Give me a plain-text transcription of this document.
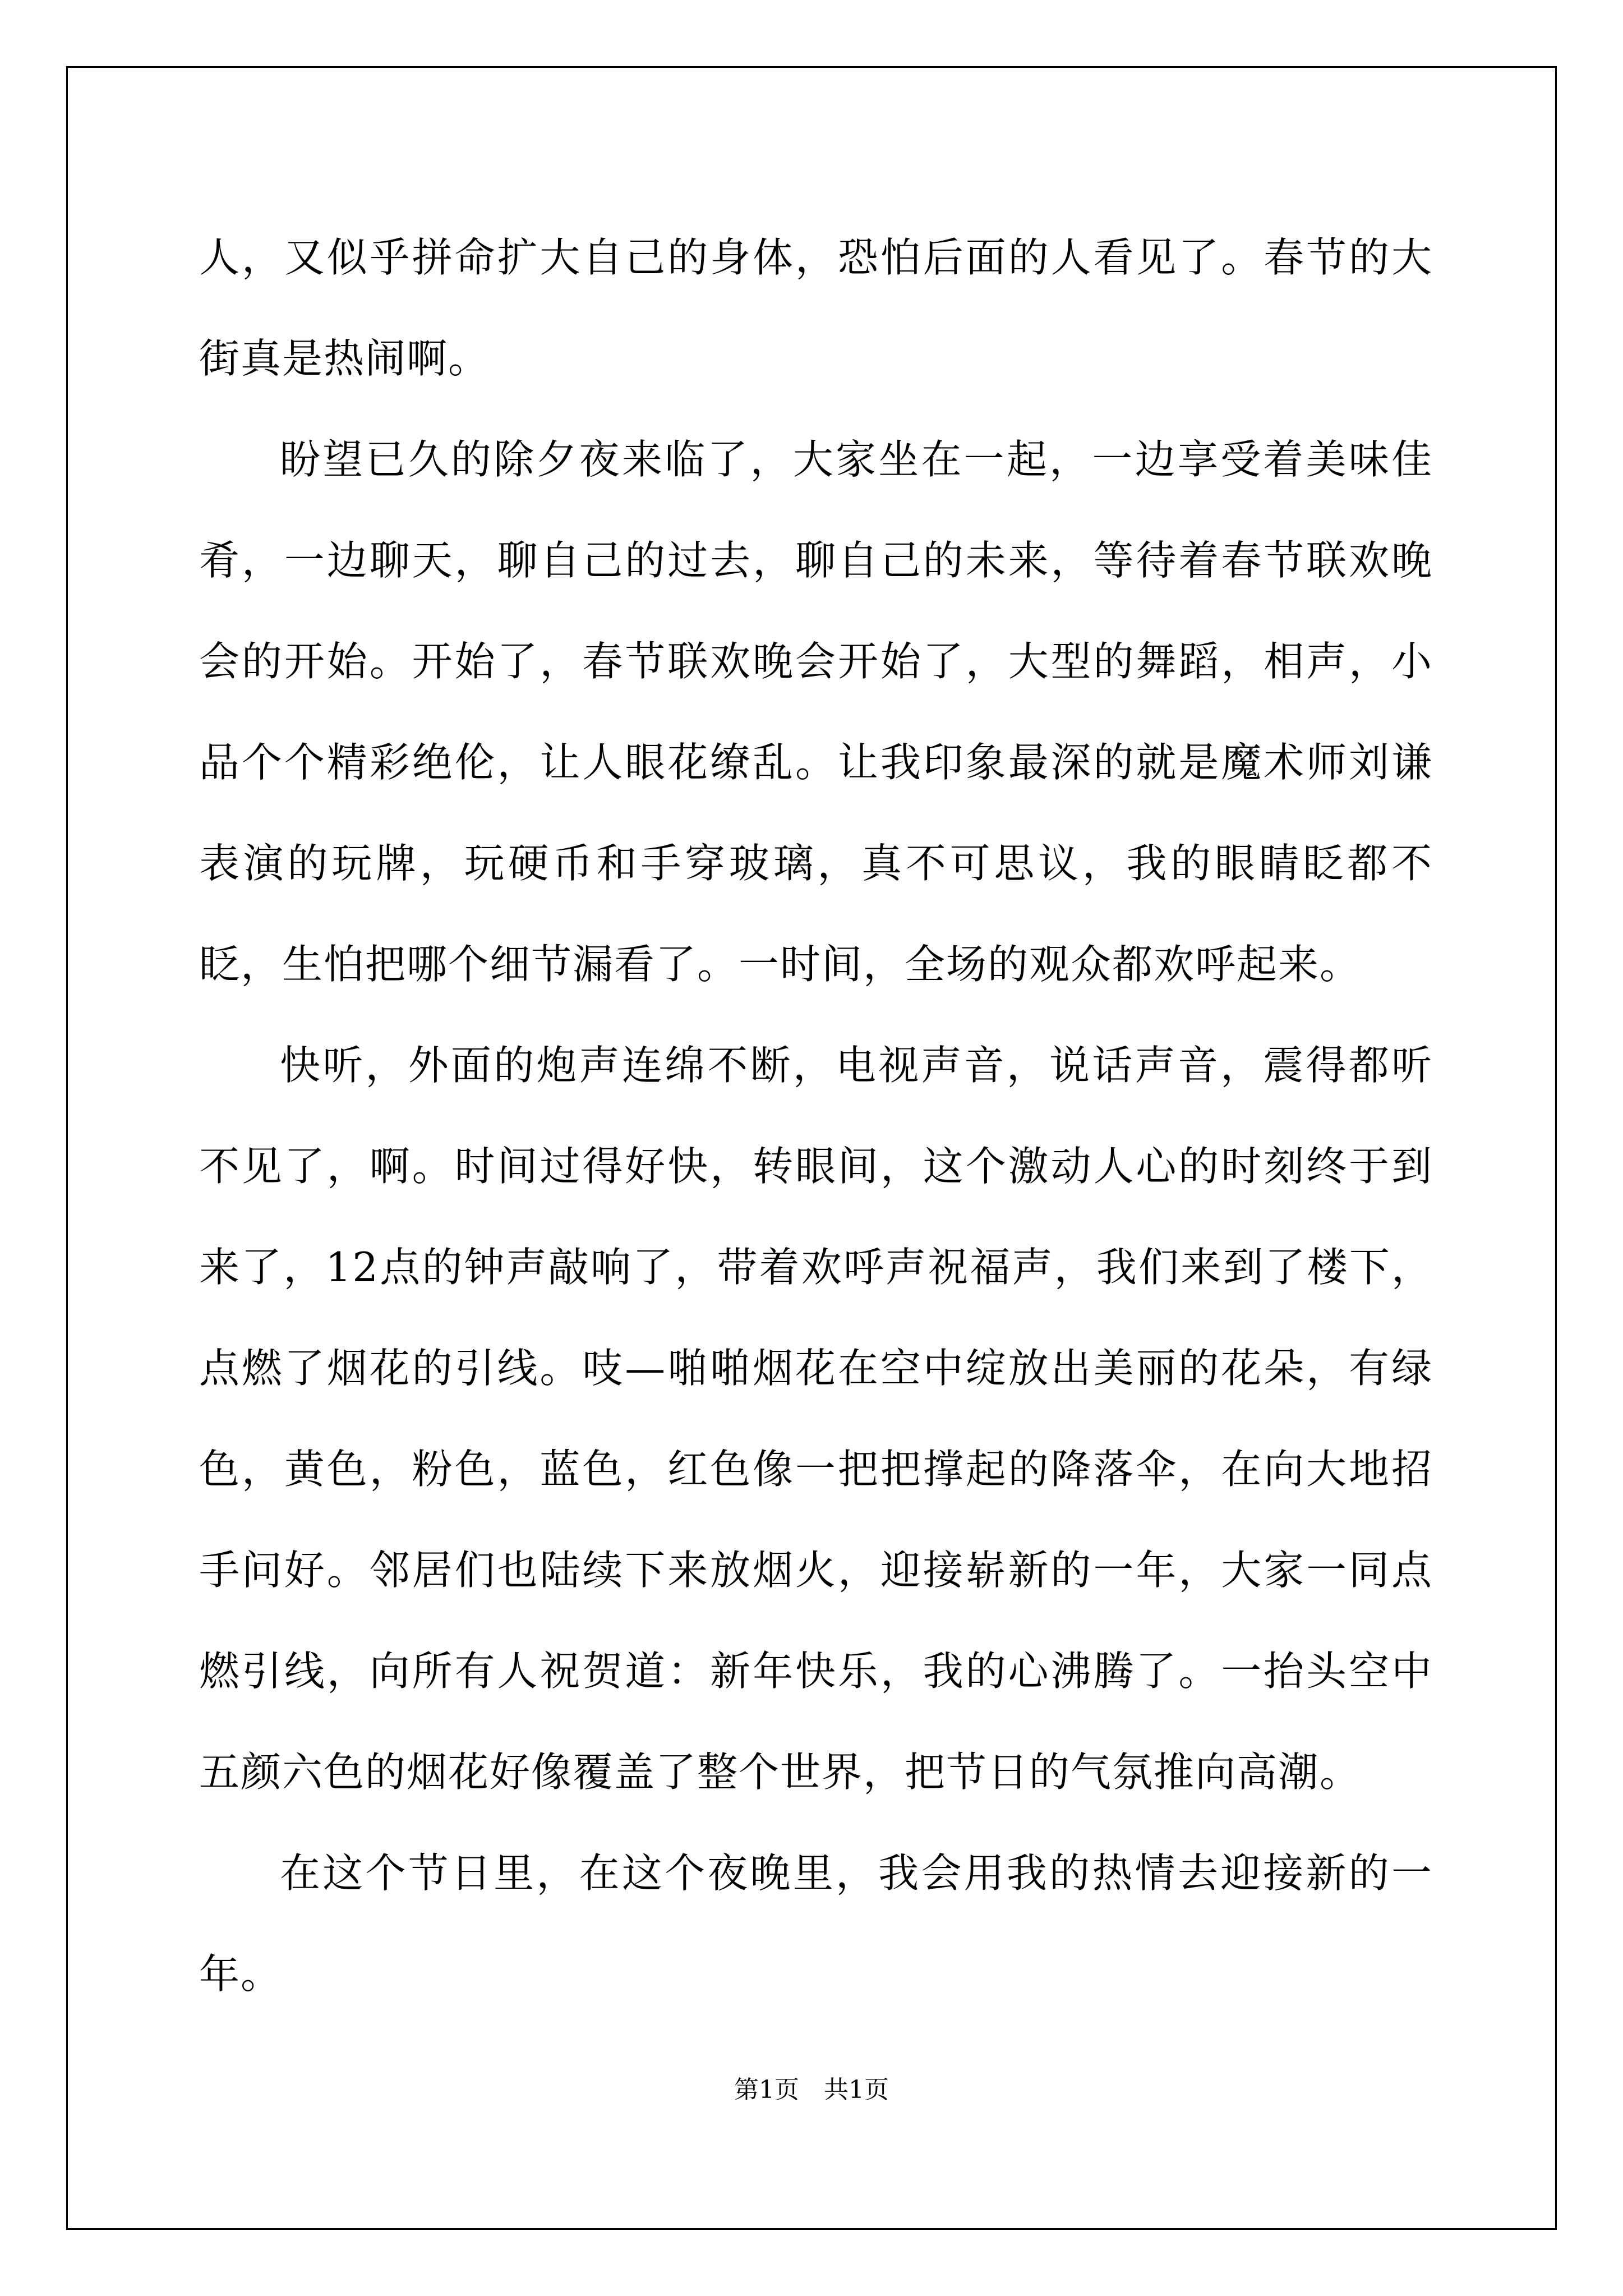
人，又似乎拼命扩大自己的身体，恐怕后面的人看见了。春节的大街真是热闹啊。

盼望已久的除夕夜来临了，大家坐在一起，一边享受着美味佳肴，一边聊天，聊自己的过去，聊自己的未来，等待着春节联欢晚会的开始。开始了，春节联欢晚会开始了，大型的舞蹈，相声，小品个个精彩绝伦，让人眼花缭乱。让我印象最深的就是魔术师刘谦表演的玩牌，玩硬币和手穿玻璃，真不可思议，我的眼睛眨都不眨，生怕把哪个细节漏看了。一时间，全场的观众都欢呼起来。

快听，外面的炮声连绵不断，电视声音，说话声音，震得都听不见了，啊。时间过得好快，转眼间，这个激动人心的时刻终于到来了，12点的钟声敲响了，带着欢呼声祝福声，我们来到了楼下，点燃了烟花的引线。吱—啪啪烟花在空中绽放出美丽的花朵，有绿色，黄色，粉色，蓝色，红色像一把把撑起的降落伞，在向大地招手问好。邻居们也陆续下来放烟火，迎接崭新的一年，大家一同点燃引线，向所有人祝贺道：新年快乐，我的心沸腾了。一抬头空中五颜六色的烟花好像覆盖了整个世界，把节日的气氛推向高潮。

在这个节日里，在这个夜晚里，我会用我的热情去迎接新的一年。

第1页　共1页
